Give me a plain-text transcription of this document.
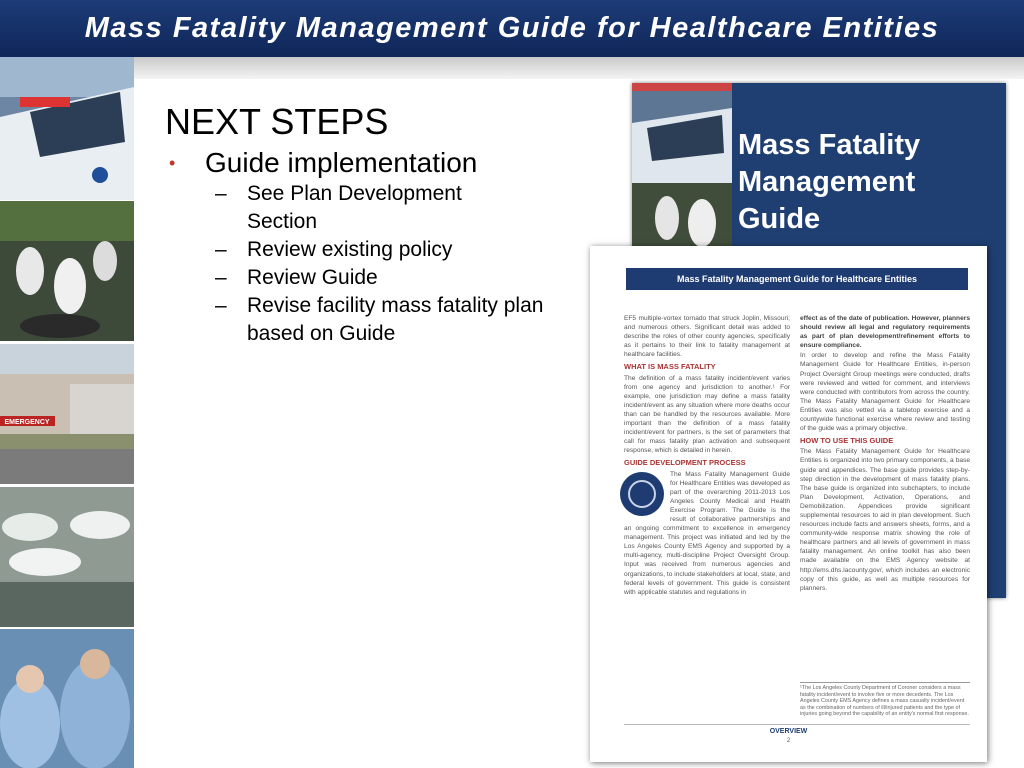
Mass Fatality Management Guide for Healthcare Entities
EMERGENCY
NEXT STEPS
•	Guide implementation
– See Plan Development Section
– Review existing policy
– Review Guide
– Revise facility mass fatality plan based on Guide
Mass Fatality
Management
Guide
Mass Fatality Management Guide for Healthcare Entities

EF5 multiple-vortex tornado that struck Joplin, Missouri; and numerous others. Significant detail was added to describe the roles of other county agencies, specifically as it pertains to their link to fatality management at healthcare facilities.

WHAT IS MASS FATALITY

The definition of a mass fatality incident/event varies from one agency and jurisdiction to another.¹ For example, one jurisdiction may define a mass fatality incident/event as any situation where more deaths occur than can be handled by the resources available. More important than the definition of a mass fatality incident/event for partners, is the set of parameters that call for mass fatality plan activation and subsequent response, which is detailed in herein.

GUIDE DEVELOPMENT PROCESS

The Mass Fatality Management Guide for Healthcare Entities was developed as part of the overarching 2011-2013 Los Angeles County Medical and Health Exercise Program. The Guide is the result of collaborative partnerships and an ongoing commitment to excellence in emergency management. This project was initiated and led by the Los Angeles County EMS Agency and supported by a multi-agency, multi-discipline Project Oversight Group. Input was received from numerous agencies and organizations, to include stakeholders at local, state, and federal levels of government. This guide is consistent with applicable statutes and regulations in

effect as of the date of publication. However, planners should review all legal and regulatory requirements as part of plan development/refinement efforts to ensure compliance.

In order to develop and refine the Mass Fatality Management Guide for Healthcare Entities, in-person Project Oversight Group meetings were conducted, drafts were reviewed and vetted for comment, and interviews were conducted with contributors from across the country. The Mass Fatality Management Guide for Healthcare Entities was also vetted via a tabletop exercise and a countywide functional exercise where review and testing of the guide was a primary objective.

HOW TO USE THIS GUIDE

The Mass Fatality Management Guide for Healthcare Entities is organized into two primary components, a base guide and appendices. The base guide provides step-by-step direction in the development of mass fatality plans. The base guide is organized into subchapters, to include Plan Development, Activation, Operations, and Demobilization. Appendices provide significant supplemental resources to aid in plan development. Such resources include facts and answers sheets, forms, and a community-wide response matrix showing the role of healthcare partners and all levels of government in mass fatality management. An online toolkit has also been made available on the EMS Agency website at http://ems.dhs.lacounty.gov/, which includes an electronic copy of this guide, as well as multiple resources for planners.

¹The Los Angeles County Department of Coroner considers a mass fatality incident/event to involve five or more decedents. The Los Angeles County EMS Agency defines a mass casualty incident/event as the combination of numbers of ill/injured patients and the type of injuries going beyond the capability of an entity's normal first response.
OVERVIEW
2
